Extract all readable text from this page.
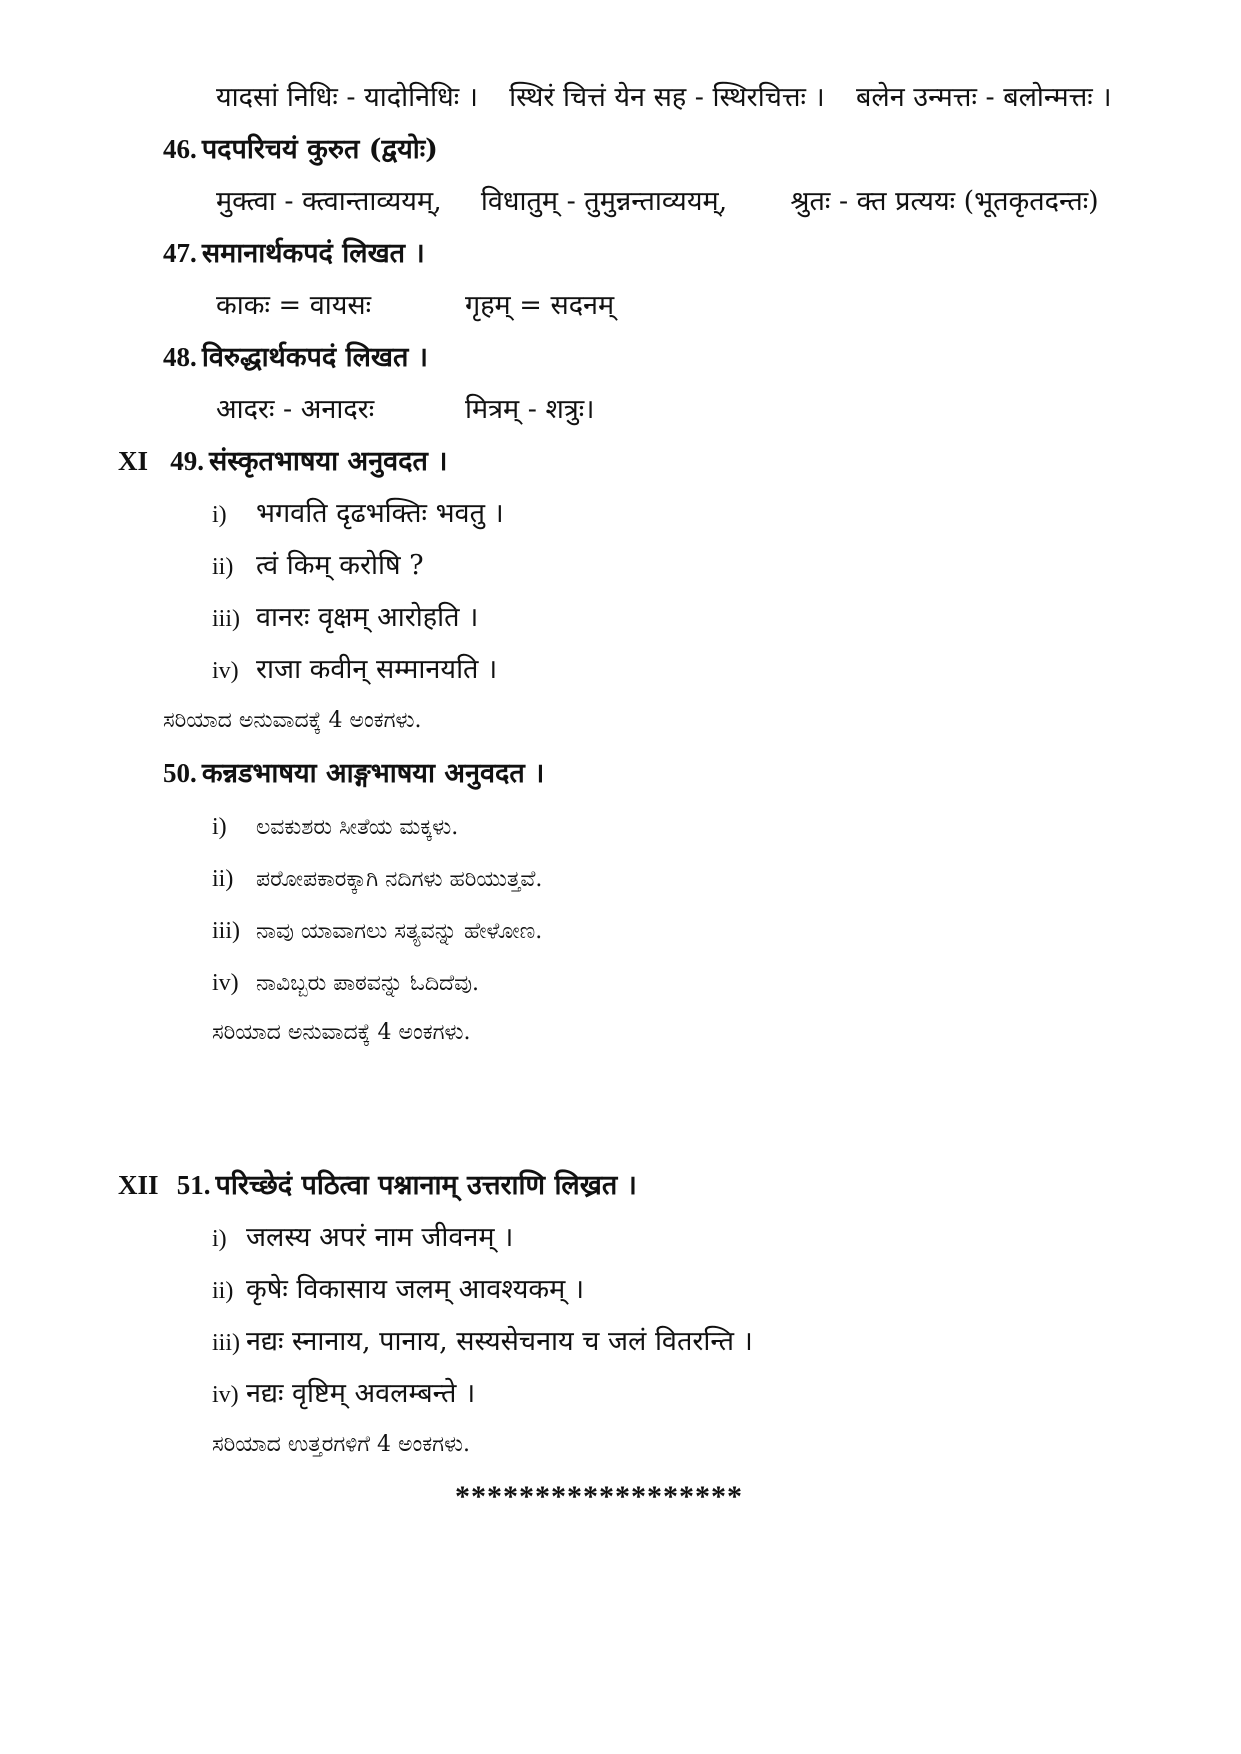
यादसां निधिः - यादोनिधिः । स्थिरं चित्तं येन सह - स्थिरचित्तः । बलेन उन्मत्तः - बलोन्मत्तः ।
46. पदपरिचयं कुरुत (द्वयोः)
मुक्त्वा - क्त्वान्ताव्ययम्, विधातुम् - तुमुन्नन्ताव्ययम्, श्रुतः - क्त प्रत्ययः (भूतकृतदन्तः)
47. समानार्थकपदं लिखत ।
काकः = वायसः	गृहम् = सदनम्
48. विरुद्धार्थकपदं लिखत ।
आदरः - अनादरः	मित्रम् - शत्रुः।
XI 49. संस्कृतभाषया अनुवदत ।
i) भगवति दृढभक्तिः भवतु ।
ii) त्वं किम् करोषि ?
iii) वानरः वृक्षम् आरोहति ।
iv) राजा कवीन् सम्मानयति ।
ಸರಿಯಾದ ಅನುವಾದಕ್ಕೆ 4 ಅಂಕಗಳು.
50. कन्नडभाषया आङ्गभाषया अनुवदत ।
i) ಲವಕುಶರು ಸೀತೆಯ ಮಕ್ಕಳು.
ii) ಪರೋಪಕಾರಕ್ಕಾಗಿ ನದಿಗಳು ಹರಿಯುತ್ತವೆ.
iii) ನಾವು ಯಾವಾಗಲು ಸತ್ಯವನ್ನು ಹೇಳೋಣ.
iv) ನಾವಿಬ್ಬರು ಪಾಠವನ್ನು ಓದಿದೆವು.
ಸರಿಯಾದ ಅನುವಾದಕ್ಕೆ 4 ಅಂಕಗಳು.
XII 51. परिच्छेदं पठित्वा पश्नानाम् उत्तराणि लिख्रत ।
i) जलस्य अपरं नाम जीवनम् ।
ii) कृषेः विकासाय जलम् आवश्यकम् ।
iii) नद्यः स्नानाय, पानाय, सस्यसेचनाय च जलं वितरन्ति ।
iv) नद्यः वृष्टिम् अवलम्बन्ते ।
ಸರಿಯಾದ ಉತ್ತರಗಳಿಗೆ 4 ಅಂಕಗಳು.
******************
